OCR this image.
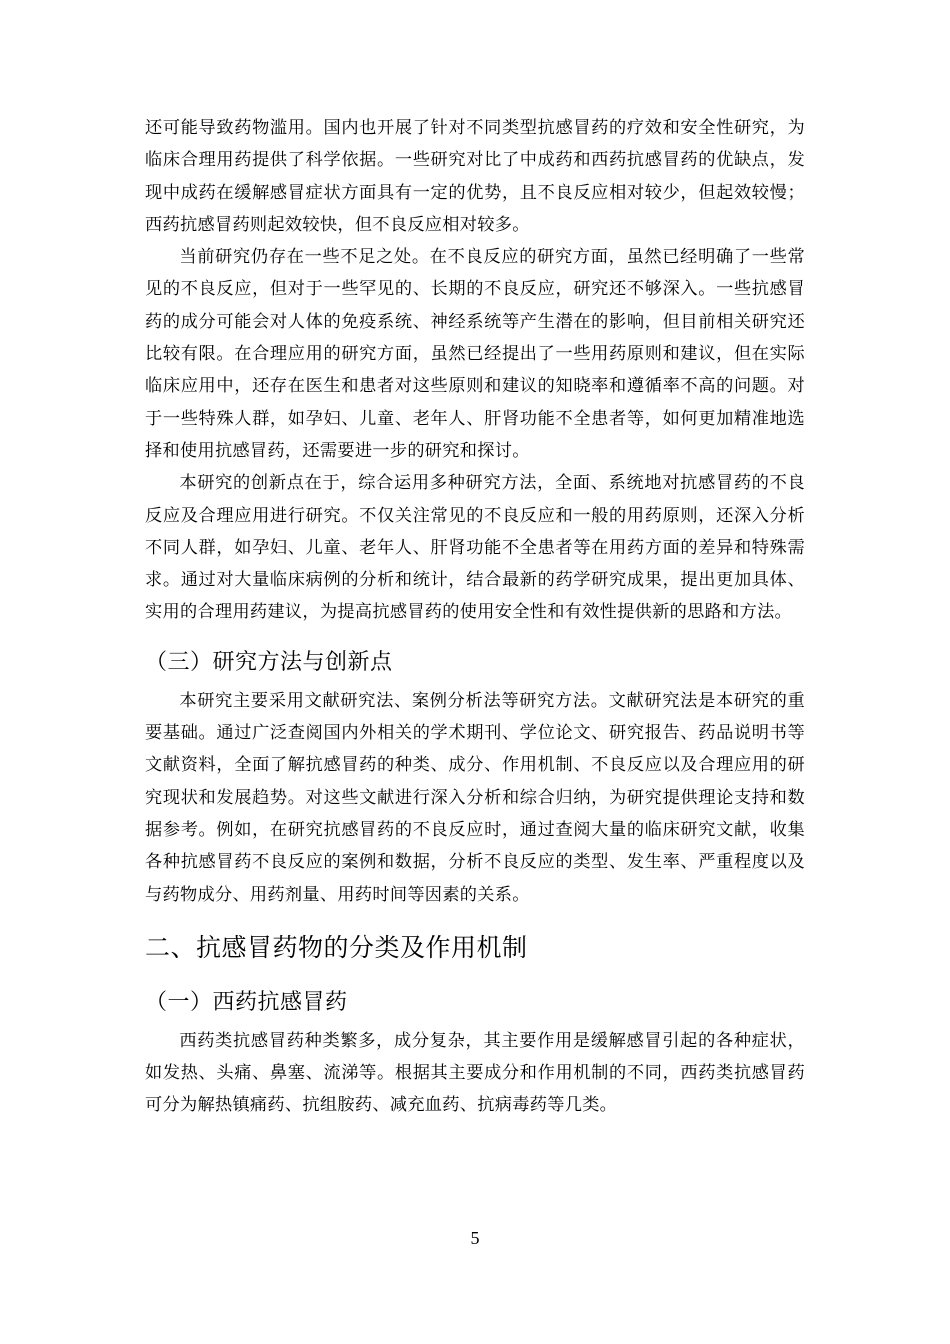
还可能导致药物滥用。国内也开展了针对不同类型抗感冒药的疗效和安全性研究，为临床合理用药提供了科学依据。一些研究对比了中成药和西药抗感冒药的优缺点，发现中成药在缓解感冒症状方面具有一定的优势，且不良反应相对较少，但起效较慢；西药抗感冒药则起效较快，但不良反应相对较多。

当前研究仍存在一些不足之处。在不良反应的研究方面，虽然已经明确了一些常见的不良反应，但对于一些罕见的、长期的不良反应，研究还不够深入。一些抗感冒药的成分可能会对人体的免疫系统、神经系统等产生潜在的影响，但目前相关研究还比较有限。在合理应用的研究方面，虽然已经提出了一些用药原则和建议，但在实际临床应用中，还存在医生和患者对这些原则和建议的知晓率和遵循率不高的问题。对于一些特殊人群，如孕妇、儿童、老年人、肝肾功能不全患者等，如何更加精准地选择和使用抗感冒药，还需要进一步的研究和探讨。

本研究的创新点在于，综合运用多种研究方法，全面、系统地对抗感冒药的不良反应及合理应用进行研究。不仅关注常见的不良反应和一般的用药原则，还深入分析不同人群，如孕妇、儿童、老年人、肝肾功能不全患者等在用药方面的差异和特殊需求。通过对大量临床病例的分析和统计，结合最新的药学研究成果，提出更加具体、实用的合理用药建议，为提高抗感冒药的使用安全性和有效性提供新的思路和方法。

（三）研究方法与创新点

本研究主要采用文献研究法、案例分析法等研究方法。文献研究法是本研究的重要基础。通过广泛查阅国内外相关的学术期刊、学位论文、研究报告、药品说明书等文献资料，全面了解抗感冒药的种类、成分、作用机制、不良反应以及合理应用的研究现状和发展趋势。对这些文献进行深入分析和综合归纳，为研究提供理论支持和数据参考。例如，在研究抗感冒药的不良反应时，通过查阅大量的临床研究文献，收集各种抗感冒药不良反应的案例和数据，分析不良反应的类型、发生率、严重程度以及与药物成分、用药剂量、用药时间等因素的关系。

二、抗感冒药物的分类及作用机制
（一）西药抗感冒药

西药类抗感冒药种类繁多，成分复杂，其主要作用是缓解感冒引起的各种症状，如发热、头痛、鼻塞、流涕等。根据其主要成分和作用机制的不同，西药类抗感冒药可分为解热镇痛药、抗组胺药、减充血药、抗病毒药等几类。

5
